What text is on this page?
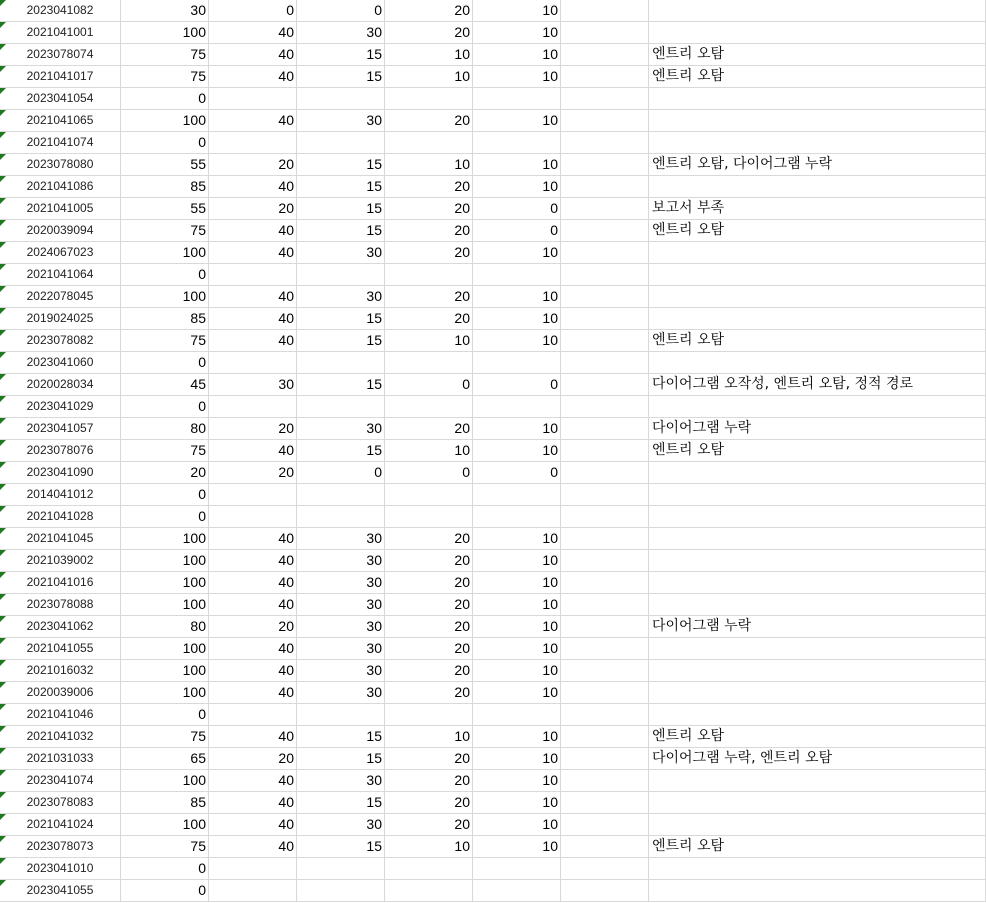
2023041082	30	0	0	20	10
2021041001	100	40	30	20	10
2023078074	75	40	15	10	10	엔트리 오탐
2021041017	75	40	15	10	10	엔트리 오탐
2023041054	0
2021041065	100	40	30	20	10
2021041074	0
2023078080	55	20	15	10	10	엔트리 오탐, 다이어그램 누락
2021041086	85	40	15	20	10
2021041005	55	20	15	20	0	보고서 부족
2020039094	75	40	15	20	0	엔트리 오탐
2024067023	100	40	30	20	10
2021041064	0
2022078045	100	40	30	20	10
2019024025	85	40	15	20	10
2023078082	75	40	15	10	10	엔트리 오탐
2023041060	0
2020028034	45	30	15	0	0	다이어그램 오작성, 엔트리 오탐, 정적 경로
2023041029	0
2023041057	80	20	30	20	10	다이어그램 누락
2023078076	75	40	15	10	10	엔트리 오탐
2023041090	20	20	0	0	0
2014041012	0
2021041028	0
2021041045	100	40	30	20	10
2021039002	100	40	30	20	10
2021041016	100	40	30	20	10
2023078088	100	40	30	20	10
2023041062	80	20	30	20	10	다이어그램 누락
2021041055	100	40	30	20	10
2021016032	100	40	30	20	10
2020039006	100	40	30	20	10
2021041046	0
2021041032	75	40	15	10	10	엔트리 오탐
2021031033	65	20	15	20	10	다이어그램 누락, 엔트리 오탐
2023041074	100	40	30	20	10
2023078083	85	40	15	20	10
2021041024	100	40	30	20	10
2023078073	75	40	15	10	10	엔트리 오탐
2023041010	0
2023041055	0
